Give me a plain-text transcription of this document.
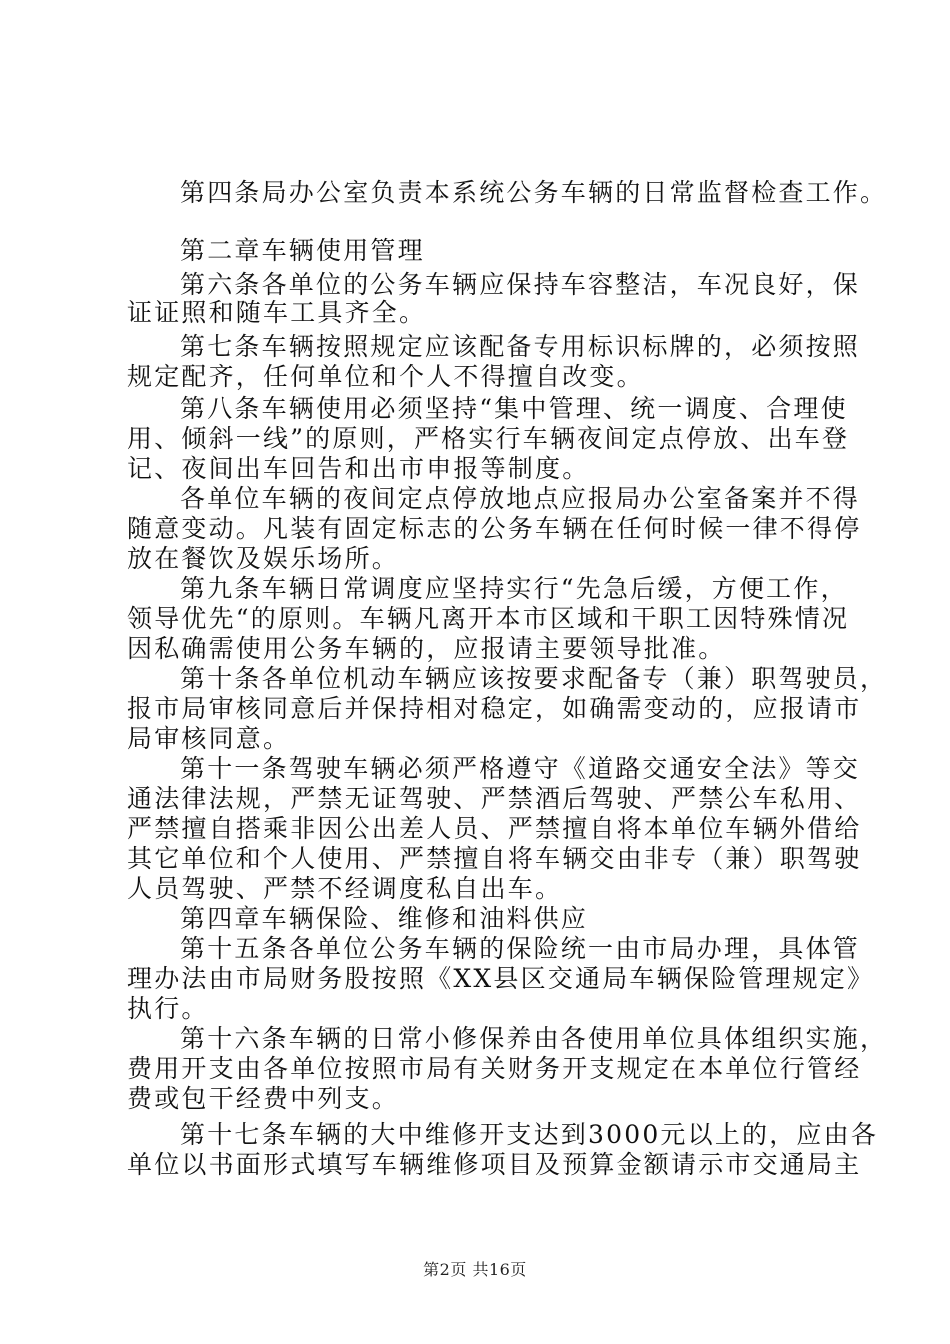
第四条局办公室负责本系统公务车辆的日常监督检查工作。
第二章车辆使用管理
第六条各单位的公务车辆应保持车容整洁，车况良好，保
证证照和随车工具齐全。
第七条车辆按照规定应该配备专用标识标牌的，必须按照
规定配齐，任何单位和个人不得擅自改变。
第八条车辆使用必须坚持“集中管理、统一调度、合理使
用、倾斜一线”的原则，严格实行车辆夜间定点停放、出车登
记、夜间出车回告和出市申报等制度。
各单位车辆的夜间定点停放地点应报局办公室备案并不得
随意变动。凡装有固定标志的公务车辆在任何时候一律不得停
放在餐饮及娱乐场所。
第九条车辆日常调度应坚持实行“先急后缓，方便工作，
领导优先“的原则。车辆凡离开本市区域和干职工因特殊情况
因私确需使用公务车辆的，应报请主要领导批准。
第十条各单位机动车辆应该按要求配备专（兼）职驾驶员，
报市局审核同意后并保持相对稳定，如确需变动的，应报请市
局审核同意。
第十一条驾驶车辆必须严格遵守《道路交通安全法》等交
通法律法规，严禁无证驾驶、严禁酒后驾驶、严禁公车私用、
严禁擅自搭乘非因公出差人员、严禁擅自将本单位车辆外借给
其它单位和个人使用、严禁擅自将车辆交由非专（兼）职驾驶
人员驾驶、严禁不经调度私自出车。
第四章车辆保险、维修和油料供应
第十五条各单位公务车辆的保险统一由市局办理，具体管
理办法由市局财务股按照《XX县区交通局车辆保险管理规定》
执行。
第十六条车辆的日常小修保养由各使用单位具体组织实施，
费用开支由各单位按照市局有关财务开支规定在本单位行管经
费或包干经费中列支。
第十七条车辆的大中维修开支达到3000元以上的，应由各
单位以书面形式填写车辆维修项目及预算金额请示市交通局主
第2页 共16页
